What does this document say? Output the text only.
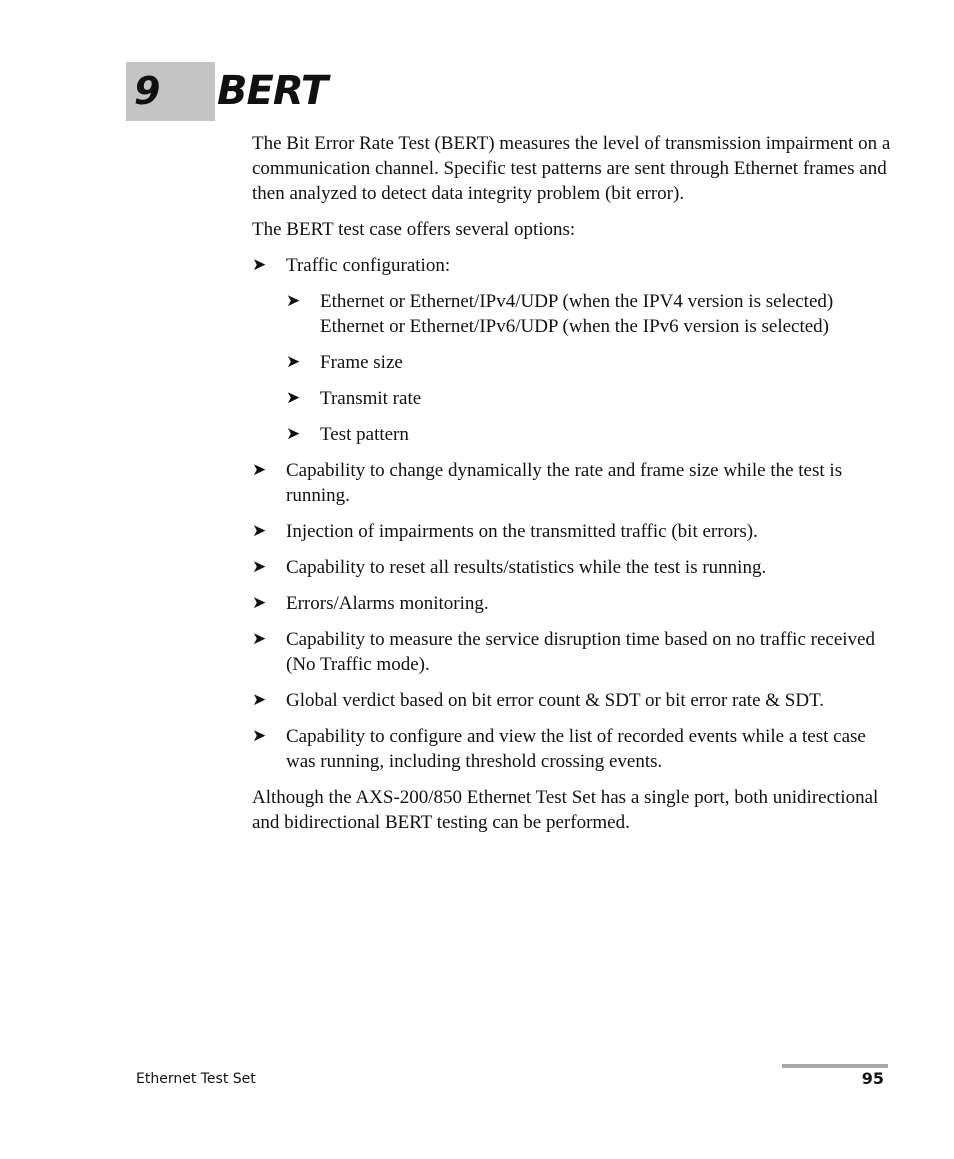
9 BERT

The Bit Error Rate Test (BERT) measures the level of transmission impairment on a communication channel. Specific test patterns are sent through Ethernet frames and then analyzed to detect data integrity problem (bit error).

The BERT test case offers several options:

➤ Traffic configuration:
➤ Ethernet or Ethernet/IPv4/UDP (when the IPV4 version is selected)
Ethernet or Ethernet/IPv6/UDP (when the IPv6 version is selected)
➤ Frame size
➤ Transmit rate
➤ Test pattern
➤ Capability to change dynamically the rate and frame size while the test is running.
➤ Injection of impairments on the transmitted traffic (bit errors).
➤ Capability to reset all results/statistics while the test is running.
➤ Errors/Alarms monitoring.
➤ Capability to measure the service disruption time based on no traffic received (No Traffic mode).
➤ Global verdict based on bit error count & SDT or bit error rate & SDT.
➤ Capability to configure and view the list of recorded events while a test case was running, including threshold crossing events.

Although the AXS-200/850 Ethernet Test Set has a single port, both unidirectional and bidirectional BERT testing can be performed.

Ethernet Test Set	95
